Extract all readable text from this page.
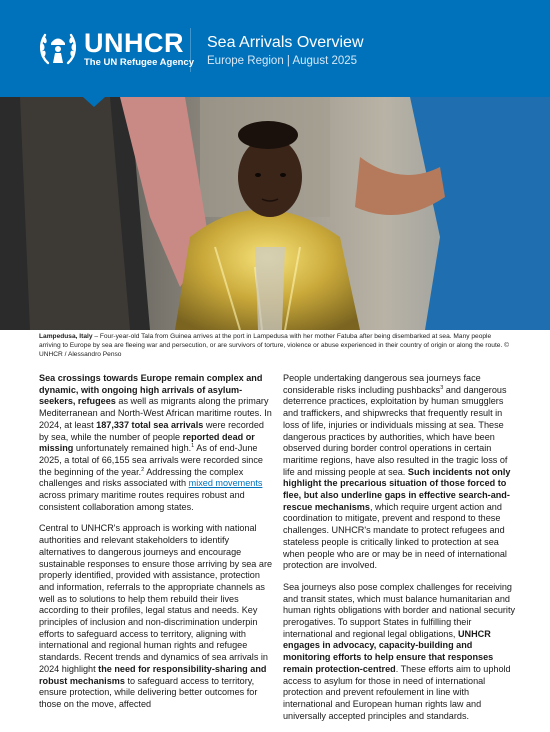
UNHCR
The UN Refugee Agency
Sea Arrivals Overview
Europe Region | August 2025
Lampedusa, Italy – Four-year-old Tala from Guinea arrives at the port in Lampedusa with her mother Fatuba after being disembarked at sea. Many people arriving to Europe by sea are fleeing war and persecution, or are survivors of torture, violence or abuse experienced in their country of origin or along the route. © UNHCR / Alessandro Penso

Sea crossings towards Europe remain complex and dynamic, with ongoing high arrivals of asylum-seekers, refugees as well as migrants along the primary Mediterranean and North-West African maritime routes. In 2024, at least 187,337 total sea arrivals were recorded by sea, while the number of people reported dead or missing unfortunately remained high.$^1$ As of end-June 2025, a total of 66,155 sea arrivals were recorded since the beginning of the year.$^2$ Addressing the complex challenges and risks associated with mixed movements across primary maritime routes requires robust and consistent collaboration among states.

Central to UNHCR's approach is working with national authorities and relevant stakeholders to identify alternatives to dangerous journeys and encourage sustainable responses to ensure those arriving by sea are properly identified, provided with assistance, protection and information, referrals to the appropriate channels as well as to solutions to help them rebuild their lives according to their profiles, legal status and needs. Key principles of inclusion and non-discrimination underpin efforts to safeguard access to territory, aligning with international and regional human rights and refugee standards. Recent trends and dynamics of sea arrivals in 2024 highlight the need for responsibility-sharing and robust mechanisms to safeguard access to territory, ensure protection, while delivering better outcomes for those on the move, affected

People undertaking dangerous sea journeys face considerable risks including pushbacks$^3$ and dangerous deterrence practices, exploitation by human smugglers and traffickers, and shipwrecks that frequently result in loss of life, injuries or individuals missing at sea. These dangerous practices by authorities, which have been observed during border control operations in certain maritime regions, have also resulted in the tragic loss of life and missing people at sea. Such incidents not only highlight the precarious situation of those forced to flee, but also underline gaps in effective search-and-rescue mechanisms, which require urgent action and coordination to mitigate, prevent and respond to these challenges. UNHCR's mandate to protect refugees and stateless people is critically linked to protection at sea when people who are or may be in need of international protection are involved.

Sea journeys also pose complex challenges for receiving and transit states, which must balance humanitarian and human rights obligations with border and national security prerogatives. To support States in fulfilling their international and regional legal obligations, UNHCR engages in advocacy, capacity-building and monitoring efforts to help ensure that responses remain protection-centred. These efforts aim to uphold access to asylum for those in need of international protection and prevent refoulement in line with international and European human rights law and universally accepted principles and standards.
